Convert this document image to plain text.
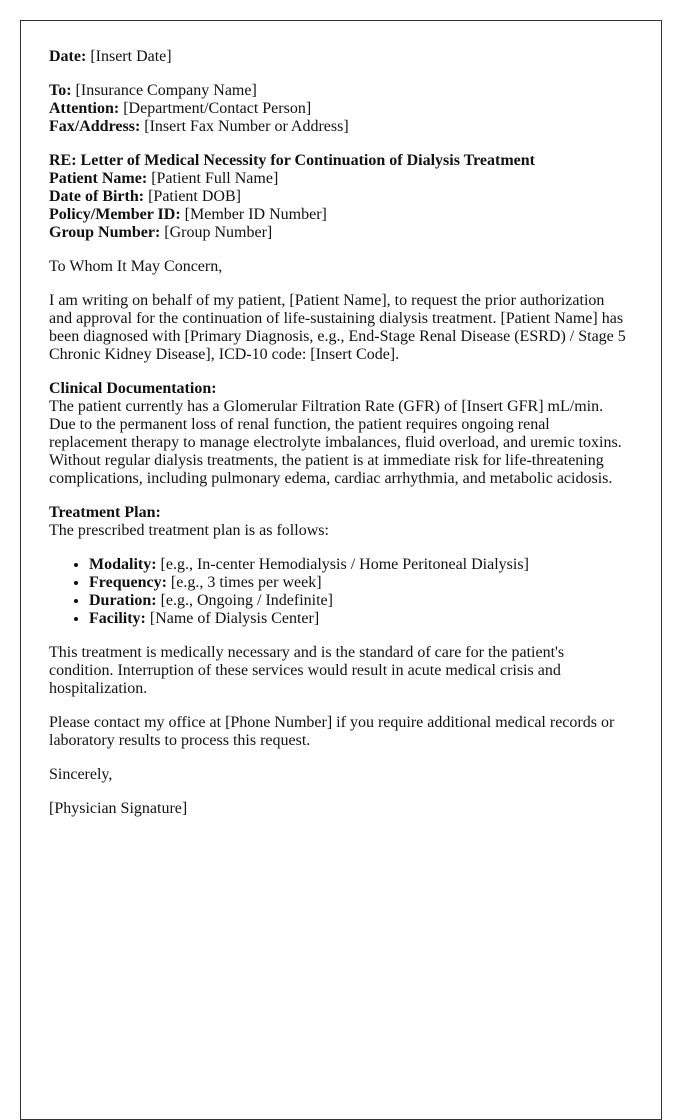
Date: [Insert Date]

To: [Insurance Company Name]
Attention: [Department/Contact Person]
Fax/Address: [Insert Fax Number or Address]

RE: Letter of Medical Necessity for Continuation of Dialysis Treatment
Patient Name: [Patient Full Name]
Date of Birth: [Patient DOB]
Policy/Member ID: [Member ID Number]
Group Number: [Group Number]

To Whom It May Concern,

I am writing on behalf of my patient, [Patient Name], to request the prior authorization and approval for the continuation of life-sustaining dialysis treatment. [Patient Name] has been diagnosed with [Primary Diagnosis, e.g., End-Stage Renal Disease (ESRD) / Stage 5 Chronic Kidney Disease], ICD-10 code: [Insert Code].

Clinical Documentation:
The patient currently has a Glomerular Filtration Rate (GFR) of [Insert GFR] mL/min. Due to the permanent loss of renal function, the patient requires ongoing renal replacement therapy to manage electrolyte imbalances, fluid overload, and uremic toxins. Without regular dialysis treatments, the patient is at immediate risk for life-threatening complications, including pulmonary edema, cardiac arrhythmia, and metabolic acidosis.

Treatment Plan:
The prescribed treatment plan is as follows:

• Modality: [e.g., In-center Hemodialysis / Home Peritoneal Dialysis]
• Frequency: [e.g., 3 times per week]
• Duration: [e.g., Ongoing / Indefinite]
• Facility: [Name of Dialysis Center]

This treatment is medically necessary and is the standard of care for the patient's condition. Interruption of these services would result in acute medical crisis and hospitalization.

Please contact my office at [Phone Number] if you require additional medical records or laboratory results to process this request.

Sincerely,

[Physician Signature]
